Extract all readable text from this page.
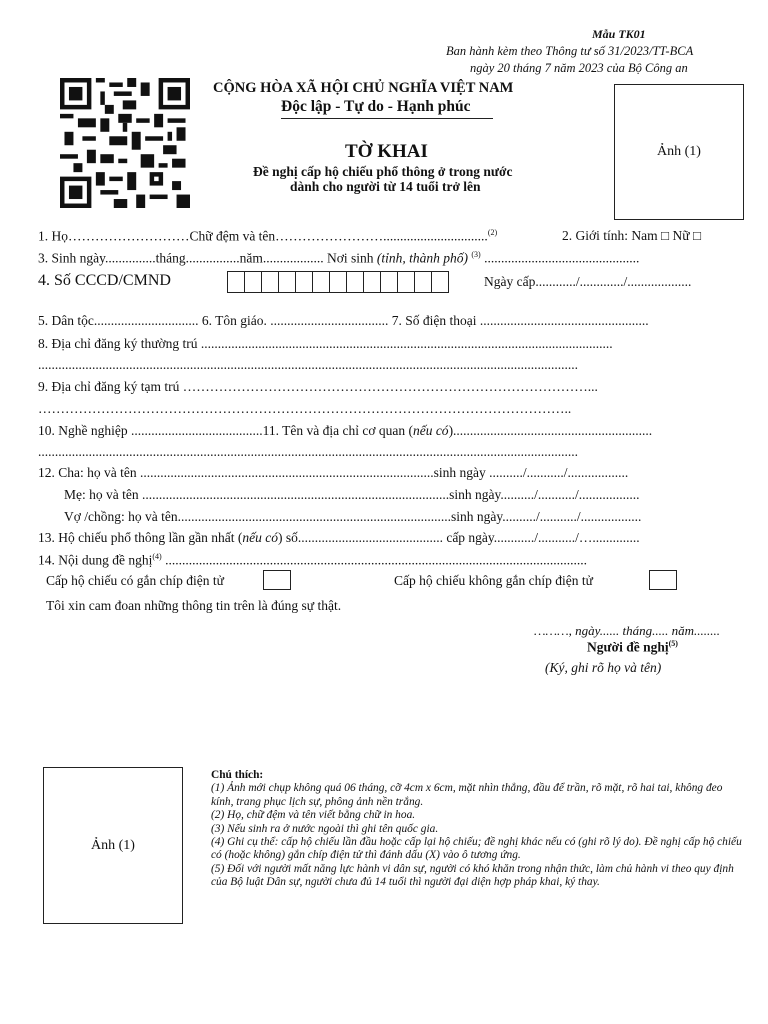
Mẫu TK01
Ban hành kèm theo Thông tư số 31/2023/TT-BCA
ngày 20 tháng 7 năm 2023 của Bộ Công an
CỘNG HÒA XÃ HỘI CHỦ NGHĨA VIỆT NAM
Độc lập - Tự do - Hạnh phúc
TỜ KHAI
Đề nghị cấp hộ chiếu phổ thông ở trong nước
dành cho người từ 14 tuổi trở lên
Ảnh (1)
1. Họ………………………Chữ đệm và tên……………………...............................$^{(2)}$	2. Giới tính: Nam □ Nữ □
3. Sinh ngày...............tháng................năm.................. Nơi sinh (tỉnh, thành phố) $^{(3)}$ ..............................................
4. Số CCCD/CMND	Ngày cấp............/............./...................
5. Dân tộc............................... 6. Tôn giáo. ................................... 7. Số điện thoại ..................................................
8. Địa chỉ đăng ký thường trú ..........................................................................................................................
................................................................................................................................................................
9. Địa chỉ đăng ký tạm trú ………………………………………………………………………………...
………………………………………………………………………………………………………..
10. Nghề nghiệp .......................................11. Tên và địa chỉ cơ quan (nếu có)...........................................................
................................................................................................................................................................
12. Cha: họ và tên .......................................................................................sinh ngày ........../.........../..................
Mẹ: họ và tên ...........................................................................................sinh ngày........../.........../..................
Vợ /chồng: họ và tên.................................................................................sinh ngày........../.........../..................
13. Hộ chiếu phổ thông lần gần nhất (nếu có) số........................................... cấp ngày............/.........../…..............
14. Nội dung đề nghị$^{(4)}$ .............................................................................................................................
Cấp hộ chiếu có gắn chíp điện tử	Cấp hộ chiếu không gắn chíp điện tử
Tôi xin cam đoan những thông tin trên là đúng sự thật.
………, ngày...... tháng..... năm........
Người đề nghị$^{(5)}$
(Ký, ghi rõ họ và tên)
Ảnh (1)
Chú thích:
(1) Ảnh mới chụp không quá 06 tháng, cỡ 4cm x 6cm, mặt nhìn thẳng, đầu để trần, rõ mặt, rõ hai tai, không đeo kính, trang phục lịch sự, phông ảnh nền trắng.
(2) Họ, chữ đệm và tên viết bằng chữ in hoa.
(3) Nếu sinh ra ở nước ngoài thì ghi tên quốc gia.
(4) Ghi cụ thể: cấp hộ chiếu lần đầu hoặc cấp lại hộ chiếu; đề nghị khác nếu có (ghi rõ lý do). Đề nghị cấp hộ chiếu có (hoặc không) gắn chíp điện tử thì đánh dấu (X) vào ô tương ứng.
(5) Đối với người mất năng lực hành vi dân sự, người có khó khăn trong nhận thức, làm chủ hành vi theo quy định của Bộ luật Dân sự, người chưa đủ 14 tuổi thì người đại diện hợp pháp khai, ký thay.
